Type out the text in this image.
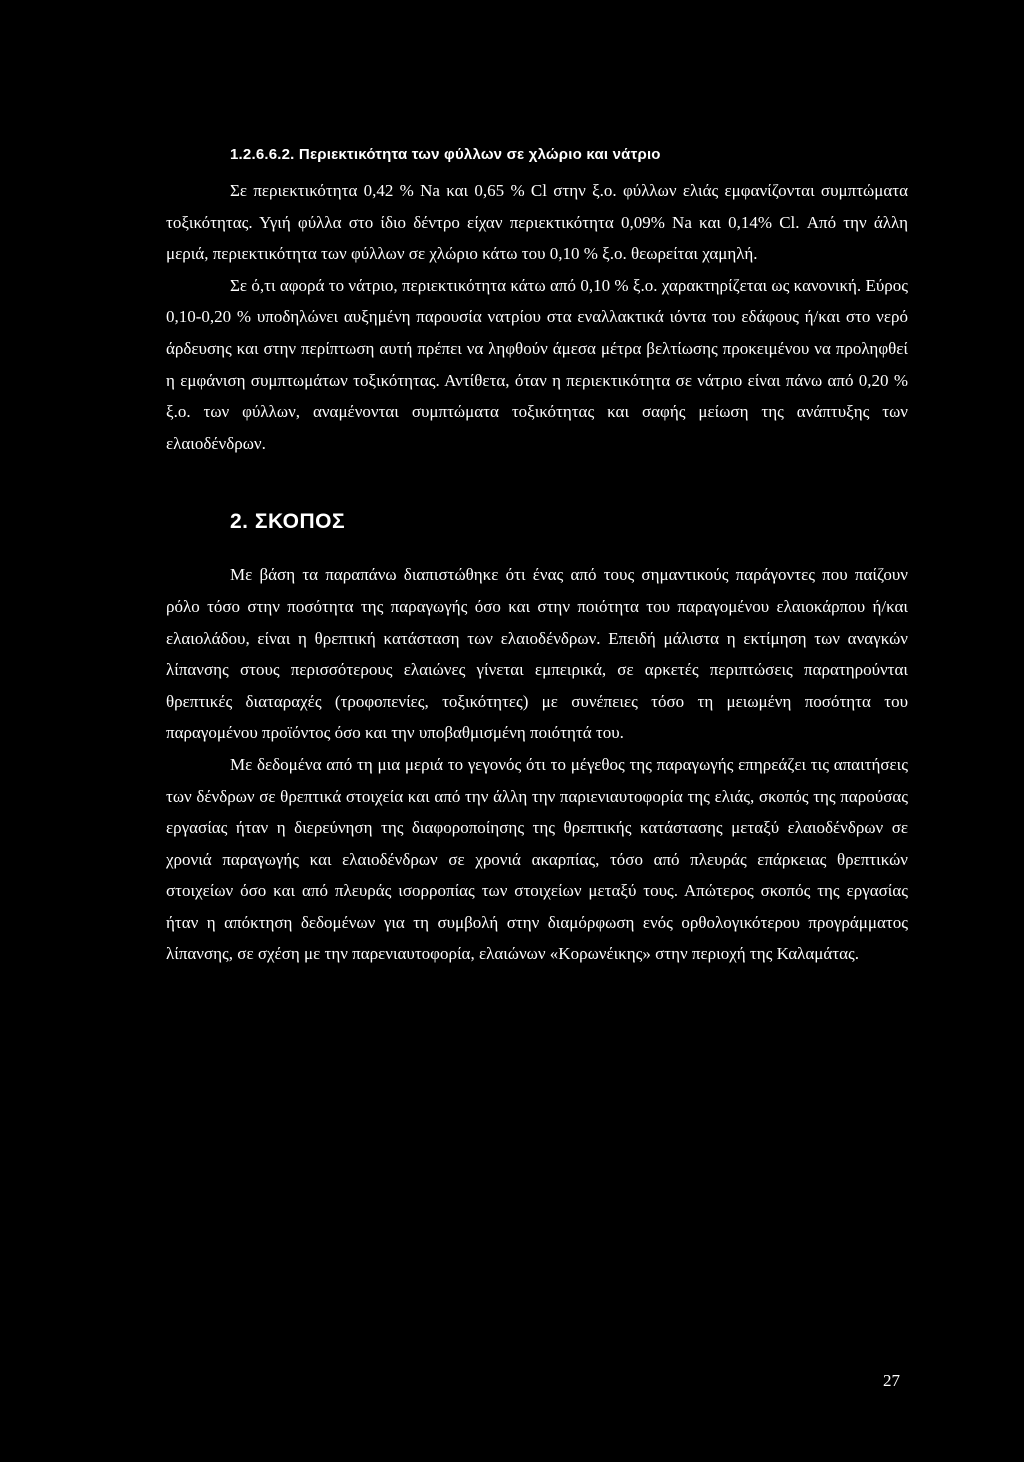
1.2.6.6.2. Περιεκτικότητα των φύλλων σε χλώριο και νάτριο

Σε περιεκτικότητα 0,42 % Na και 0,65 % Cl στην ξ.ο. φύλλων ελιάς εμφανίζονται συμπτώματα τοξικότητας. Υγιή φύλλα στο ίδιο δέντρο είχαν περιεκτικότητα 0,09% Na και 0,14% Cl. Από την άλλη μεριά, περιεκτικότητα των φύλλων σε χλώριο κάτω του 0,10 % ξ.ο. θεωρείται χαμηλή.

Σε ό,τι αφορά το νάτριο, περιεκτικότητα κάτω από 0,10 % ξ.ο. χαρακτηρίζεται ως κανονική. Εύρος 0,10-0,20 % υποδηλώνει αυξημένη παρουσία νατρίου στα εναλλακτικά ιόντα του εδάφους ή/και στο νερό άρδευσης και στην περίπτωση αυτή πρέπει να ληφθούν άμεσα μέτρα βελτίωσης προκειμένου να προληφθεί η εμφάνιση συμπτωμάτων τοξικότητας. Αντίθετα, όταν η περιεκτικότητα σε νάτριο είναι πάνω από 0,20 % ξ.ο. των φύλλων, αναμένονται συμπτώματα τοξικότητας και σαφής μείωση της ανάπτυξης των ελαιοδένδρων.

2. ΣΚΟΠΟΣ

Με βάση τα παραπάνω διαπιστώθηκε ότι ένας από τους σημαντικούς παράγοντες που παίζουν ρόλο τόσο στην ποσότητα της παραγωγής όσο και στην ποιότητα του παραγομένου ελαιοκάρπου ή/και ελαιολάδου, είναι η θρεπτική κατάσταση των ελαιοδένδρων. Επειδή μάλιστα η εκτίμηση των αναγκών λίπανσης στους περισσότερους ελαιώνες γίνεται εμπειρικά, σε αρκετές περιπτώσεις παρατηρούνται θρεπτικές διαταραχές (τροφοπενίες, τοξικότητες) με συνέπειες τόσο τη μειωμένη ποσότητα του παραγομένου προϊόντος όσο και την υποβαθμισμένη ποιότητά του.

Με δεδομένα από τη μια μεριά το γεγονός ότι το μέγεθος της παραγωγής επηρεάζει τις απαιτήσεις των δένδρων σε θρεπτικά στοιχεία και από την άλλη την παριενιαυτοφορία της ελιάς, σκοπός της παρούσας εργασίας ήταν η διερεύνηση της διαφοροποίησης της θρεπτικής κατάστασης μεταξύ ελαιοδένδρων σε χρονιά παραγωγής και ελαιοδένδρων σε χρονιά ακαρπίας, τόσο από πλευράς επάρκειας θρεπτικών στοιχείων όσο και από πλευράς ισορροπίας των στοιχείων μεταξύ τους. Απώτερος σκοπός της εργασίας ήταν η απόκτηση δεδομένων για τη συμβολή στην διαμόρφωση ενός ορθολογικότερου προγράμματος λίπανσης, σε σχέση με την παρενιαυτοφορία, ελαιώνων «Κορωνέικης» στην περιοχή της Καλαμάτας.

27
